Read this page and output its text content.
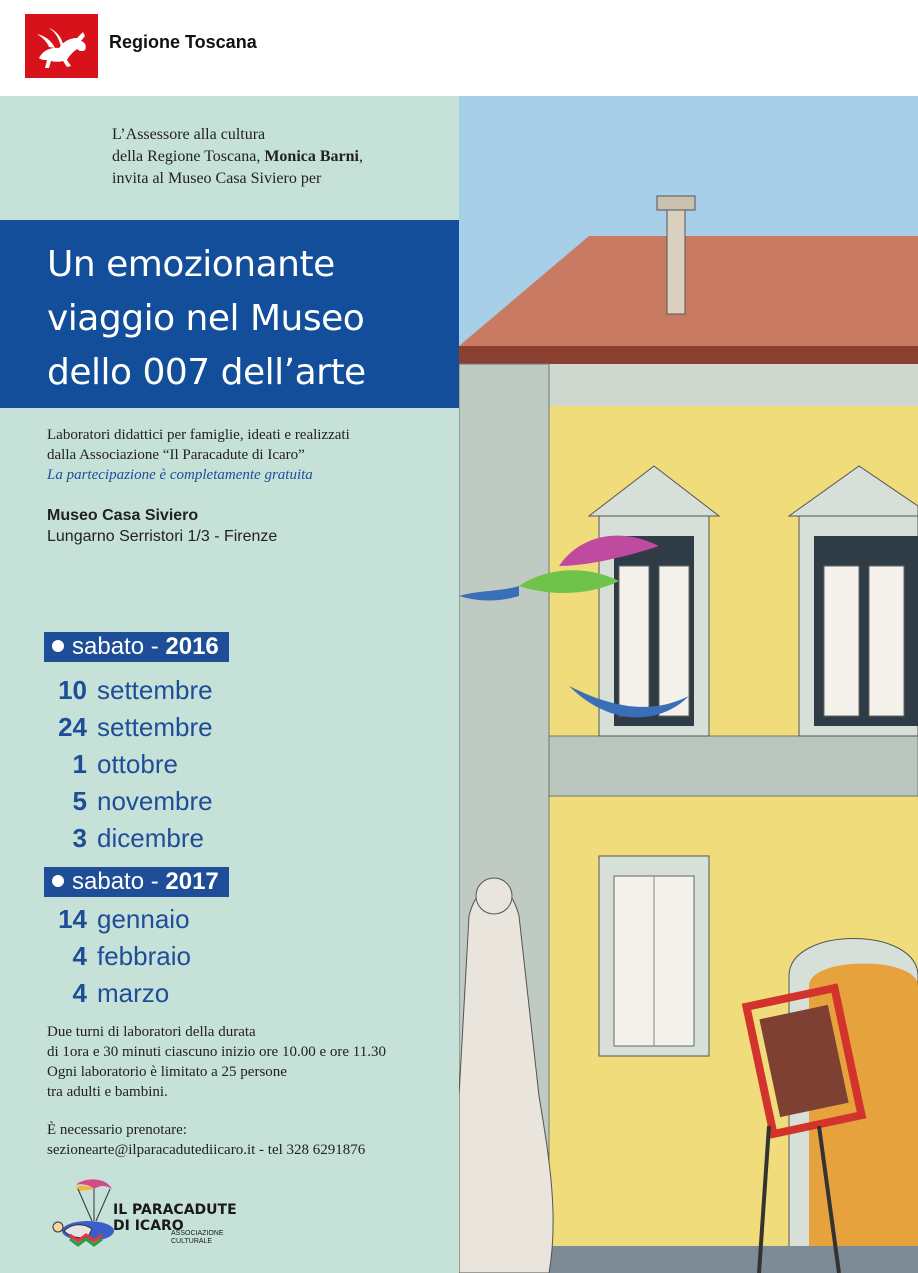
Regione Toscana
L’Assessore alla cultura
della Regione Toscana, Monica Barni,
invita al Museo Casa Siviero per
Un emozionante
viaggio nel Museo
dello 007 dell’arte
Laboratori didattici per famiglie, ideati e realizzati
dalla Associazione “Il Paracadute di Icaro”
La partecipazione è completamente gratuita
Museo Casa Siviero
Lungarno Serristori 1/3 - Firenze
sabato - 2016
10 settembre
24 settembre
1 ottobre
5 novembre
3 dicembre
sabato - 2017
14 gennaio
4 febbraio
4 marzo
Due turni di laboratori della durata
di 1ora e 30 minuti ciascuno inizio ore 10.00 e ore 11.30
Ogni laboratorio è limitato a 25 persone
tra adulti e bambini.
È necessario prenotare:
sezionearte@ilparacadutediicaro.it - tel 328 6291876
IL PARACADUTE
DI ICARO
ASSOCIAZIONE CULTURALE
